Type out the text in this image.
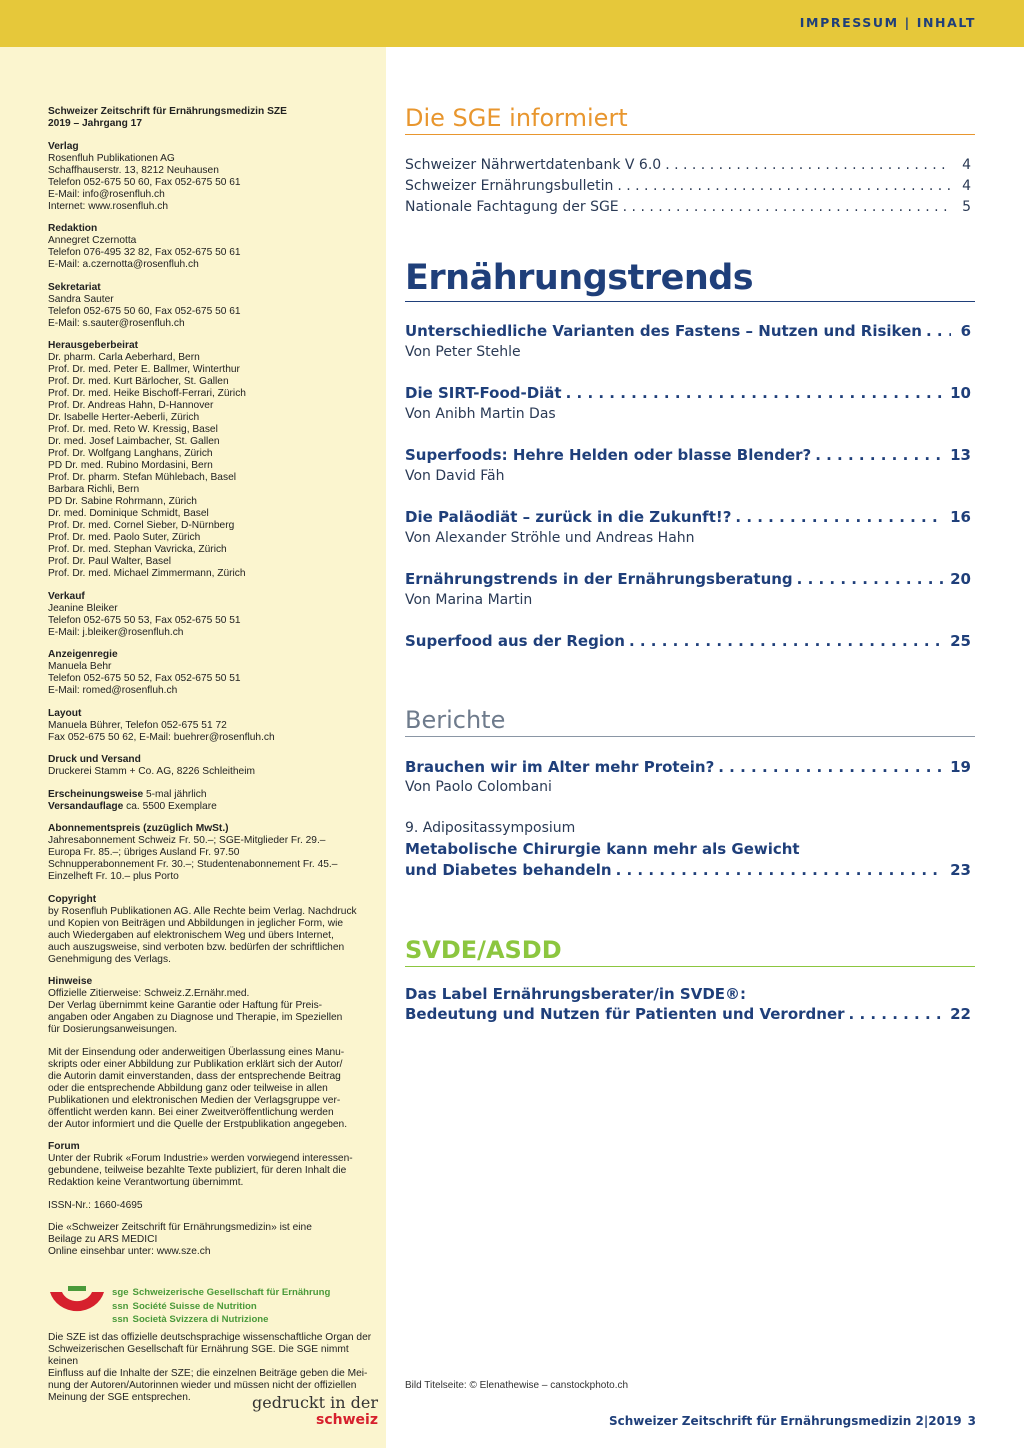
IMPRESSUM | INHALT
Schweizer Zeitschrift für Ernährungsmedizin SZE
2019 – Jahrgang 17
Verlag
Rosenfluh Publikationen AG
Schaffhauserstr. 13, 8212 Neuhausen
Telefon 052-675 50 60, Fax 052-675 50 61
E-Mail: info@rosenfluh.ch
Internet: www.rosenfluh.ch
Redaktion
Annegret Czernotta
Telefon 076-495 32 82, Fax 052-675 50 61
E-Mail: a.czernotta@rosenfluh.ch
Sekretariat
Sandra Sauter
Telefon 052-675 50 60, Fax 052-675 50 61
E-Mail: s.sauter@rosenfluh.ch
Herausgeberbeirat
Dr. pharm. Carla Aeberhard, Bern
Prof. Dr. med. Peter E. Ballmer, Winterthur
Prof. Dr. med. Kurt Bärlocher, St. Gallen
Prof. Dr. med. Heike Bischoff-Ferrari, Zürich
Prof. Dr. Andreas Hahn, D-Hannover
Dr. Isabelle Herter-Aeberli, Zürich
Prof. Dr. med. Reto W. Kressig, Basel
Dr. med. Josef Laimbacher, St. Gallen
Prof. Dr. Wolfgang Langhans, Zürich
PD Dr. med. Rubino Mordasini, Bern
Prof. Dr. pharm. Stefan Mühlebach, Basel
Barbara Richli, Bern
PD Dr. Sabine Rohrmann, Zürich
Dr. med. Dominique Schmidt, Basel
Prof. Dr. med. Cornel Sieber, D-Nürnberg
Prof. Dr. med. Paolo Suter, Zürich
Prof. Dr. med. Stephan Vavricka, Zürich
Prof. Dr. Paul Walter, Basel
Prof. Dr. med. Michael Zimmermann, Zürich
Verkauf
Jeanine Bleiker
Telefon 052-675 50 53, Fax 052-675 50 51
E-Mail: j.bleiker@rosenfluh.ch
Anzeigenregie
Manuela Behr
Telefon 052-675 50 52, Fax 052-675 50 51
E-Mail: romed@rosenfluh.ch
Layout
Manuela Bührer, Telefon 052-675 51 72
Fax 052-675 50 62, E-Mail: buehrer@rosenfluh.ch
Druck und Versand
Druckerei Stamm + Co. AG, 8226 Schleitheim
Erscheinungsweise 5-mal jährlich
Versandauflage ca. 5500 Exemplare
Abonnementspreis (zuzüglich MwSt.)
Jahresabonnement Schweiz Fr. 50.–; SGE-Mitglieder Fr. 29.–
Europa Fr. 85.–; übriges Ausland Fr. 97.50
Schnupperabonnement Fr. 30.–; Studentenabonnement Fr. 45.–
Einzelheft Fr. 10.– plus Porto
Copyright
by Rosenfluh Publikationen AG. Alle Rechte beim Verlag. Nachdruck
und Kopien von Beiträgen und Abbildungen in jeglicher Form, wie
auch Wiedergaben auf elektronischem Weg und übers Internet,
auch auszugsweise, sind verboten bzw. bedürfen der schriftlichen
Genehmigung des Verlags.
Hinweise
Offizielle Zitierweise: Schweiz.Z.Ernähr.med.
Der Verlag übernimmt keine Garantie oder Haftung für Preis-
angaben oder Angaben zu Diagnose und Therapie, im Speziellen
für Dosierungsanweisungen.
Mit der Einsendung oder anderweitigen Überlassung eines Manu-
skripts oder einer Abbildung zur Publikation erklärt sich der Autor/
die Autorin damit einverstanden, dass der entsprechende Beitrag
oder die entsprechende Abbildung ganz oder teilweise in allen
Publikationen und elektronischen Medien der Verlagsgruppe ver-
öffentlicht werden kann. Bei einer Zweitveröffentlichung werden
der Autor informiert und die Quelle der Erstpublikation angegeben.
Forum
Unter der Rubrik «Forum Industrie» werden vorwiegend interessen-
gebundene, teilweise bezahlte Texte publiziert, für deren Inhalt die
Redaktion keine Verantwortung übernimmt.
ISSN-Nr.: 1660-4695
Die «Schweizer Zeitschrift für Ernährungsmedizin» ist eine
Beilage zu ARS MEDICI
Online einsehbar unter: www.sze.ch
sge Schweizerische Gesellschaft für Ernährung
ssn Société Suisse de Nutrition
ssn Società Svizzera di Nutrizione
Die SZE ist das offizielle deutschsprachige wissenschaftliche Organ der
Schweizerischen Gesellschaft für Ernährung SGE. Die SGE nimmt keinen
Einfluss auf die Inhalte der SZE; die einzelnen Beiträge geben die Mei-
nung der Autoren/Autorinnen wieder und müssen nicht der offiziellen
Meinung der SGE entsprechen.	gedruckt in der
schweiz
Die SGE informiert
Schweizer Nährwertdatenbank V 6.0 . . .	4
Schweizer Ernährungsbulletin . . .	4
Nationale Fachtagung der SGE . . .	5
Ernährungstrends
Unterschiedliche Varianten des Fastens – Nutzen und Risiken . . .	6
Von Peter Stehle
Die SIRT-Food-Diät . . .	10
Von Anibh Martin Das
Superfoods: Hehre Helden oder blasse Blender? . . .	13
Von David Fäh
Die Paläodiät – zurück in die Zukunft!? . . .	16
Von Alexander Ströhle und Andreas Hahn
Ernährungstrends in der Ernährungsberatung . . .	20
Von Marina Martin
Superfood aus der Region . . .	25
Berichte
Brauchen wir im Alter mehr Protein? . . .	19
Von Paolo Colombani
9. Adipositassymposium
Metabolische Chirurgie kann mehr als Gewicht
und Diabetes behandeln . . .	23
SVDE/ASDD
Das Label Ernährungsberater/in SVDE®:
Bedeutung und Nutzen für Patienten und Verordner . . .	22
Bild Titelseite: © Elenathewise – canstockphoto.ch
Schweizer Zeitschrift für Ernährungsmedizin 2|2019 3
